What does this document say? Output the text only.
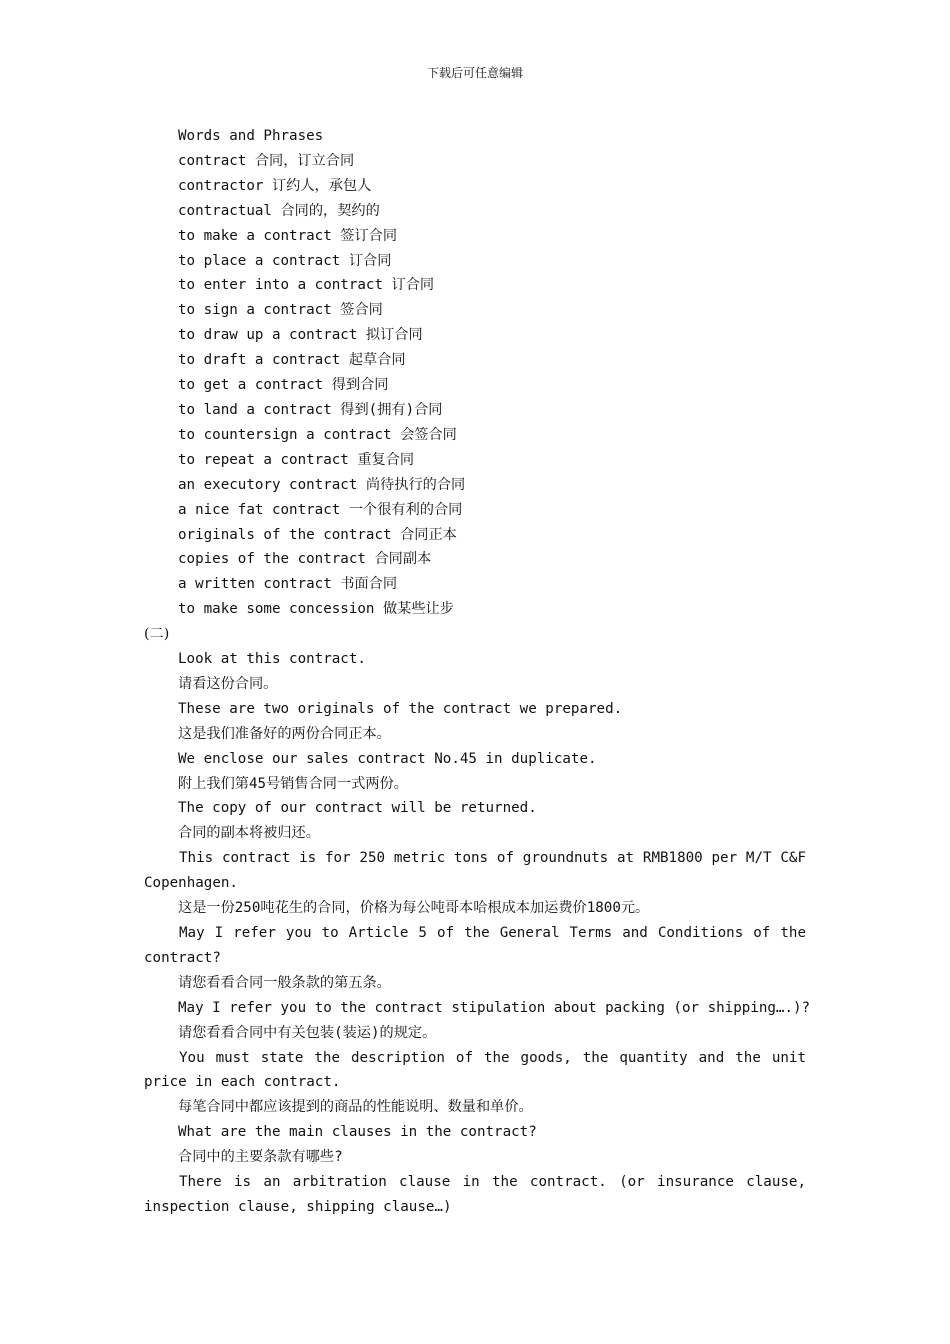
下载后可任意编辑

Words and Phrases

contract 合同，订立合同

contractor 订约人，承包人

contractual 合同的，契约的

to make a contract 签订合同

to place a contract 订合同

to enter into a contract 订合同

to sign a contract 签合同

to draw up a contract 拟订合同

to draft a contract 起草合同

to get a contract 得到合同

to land a contract 得到(拥有)合同

to countersign a contract 会签合同

to repeat a contract 重复合同

an executory contract 尚待执行的合同

a nice fat contract 一个很有利的合同

originals of the contract 合同正本

copies of the contract 合同副本

a written contract 书面合同

to make some concession 做某些让步

(二)

Look at this contract.

请看这份合同。

These are two originals of the contract we prepared.

这是我们准备好的两份合同正本。

We enclose our sales contract No.45 in duplicate.

附上我们第45号销售合同一式两份。

The copy of our contract will be returned.

合同的副本将被归还。

This contract is for 250 metric tons of groundnuts at RMB1800 per M/T C&F Copenhagen.

这是一份250吨花生的合同，价格为每公吨哥本哈根成本加运费价1800元。

May I refer you to Article 5 of the General Terms and Conditions of the contract?

请您看看合同一般条款的第五条。

May I refer you to the contract stipulation about packing (or shipping….)?

请您看看合同中有关包装(装运)的规定。

You must state the description of the goods, the quantity and the unit price in each contract.

每笔合同中都应该提到的商品的性能说明、数量和单价。

What are the main clauses in the contract?

合同中的主要条款有哪些?

There is an arbitration clause in the contract. (or insurance clause, inspection clause, shipping clause…)
